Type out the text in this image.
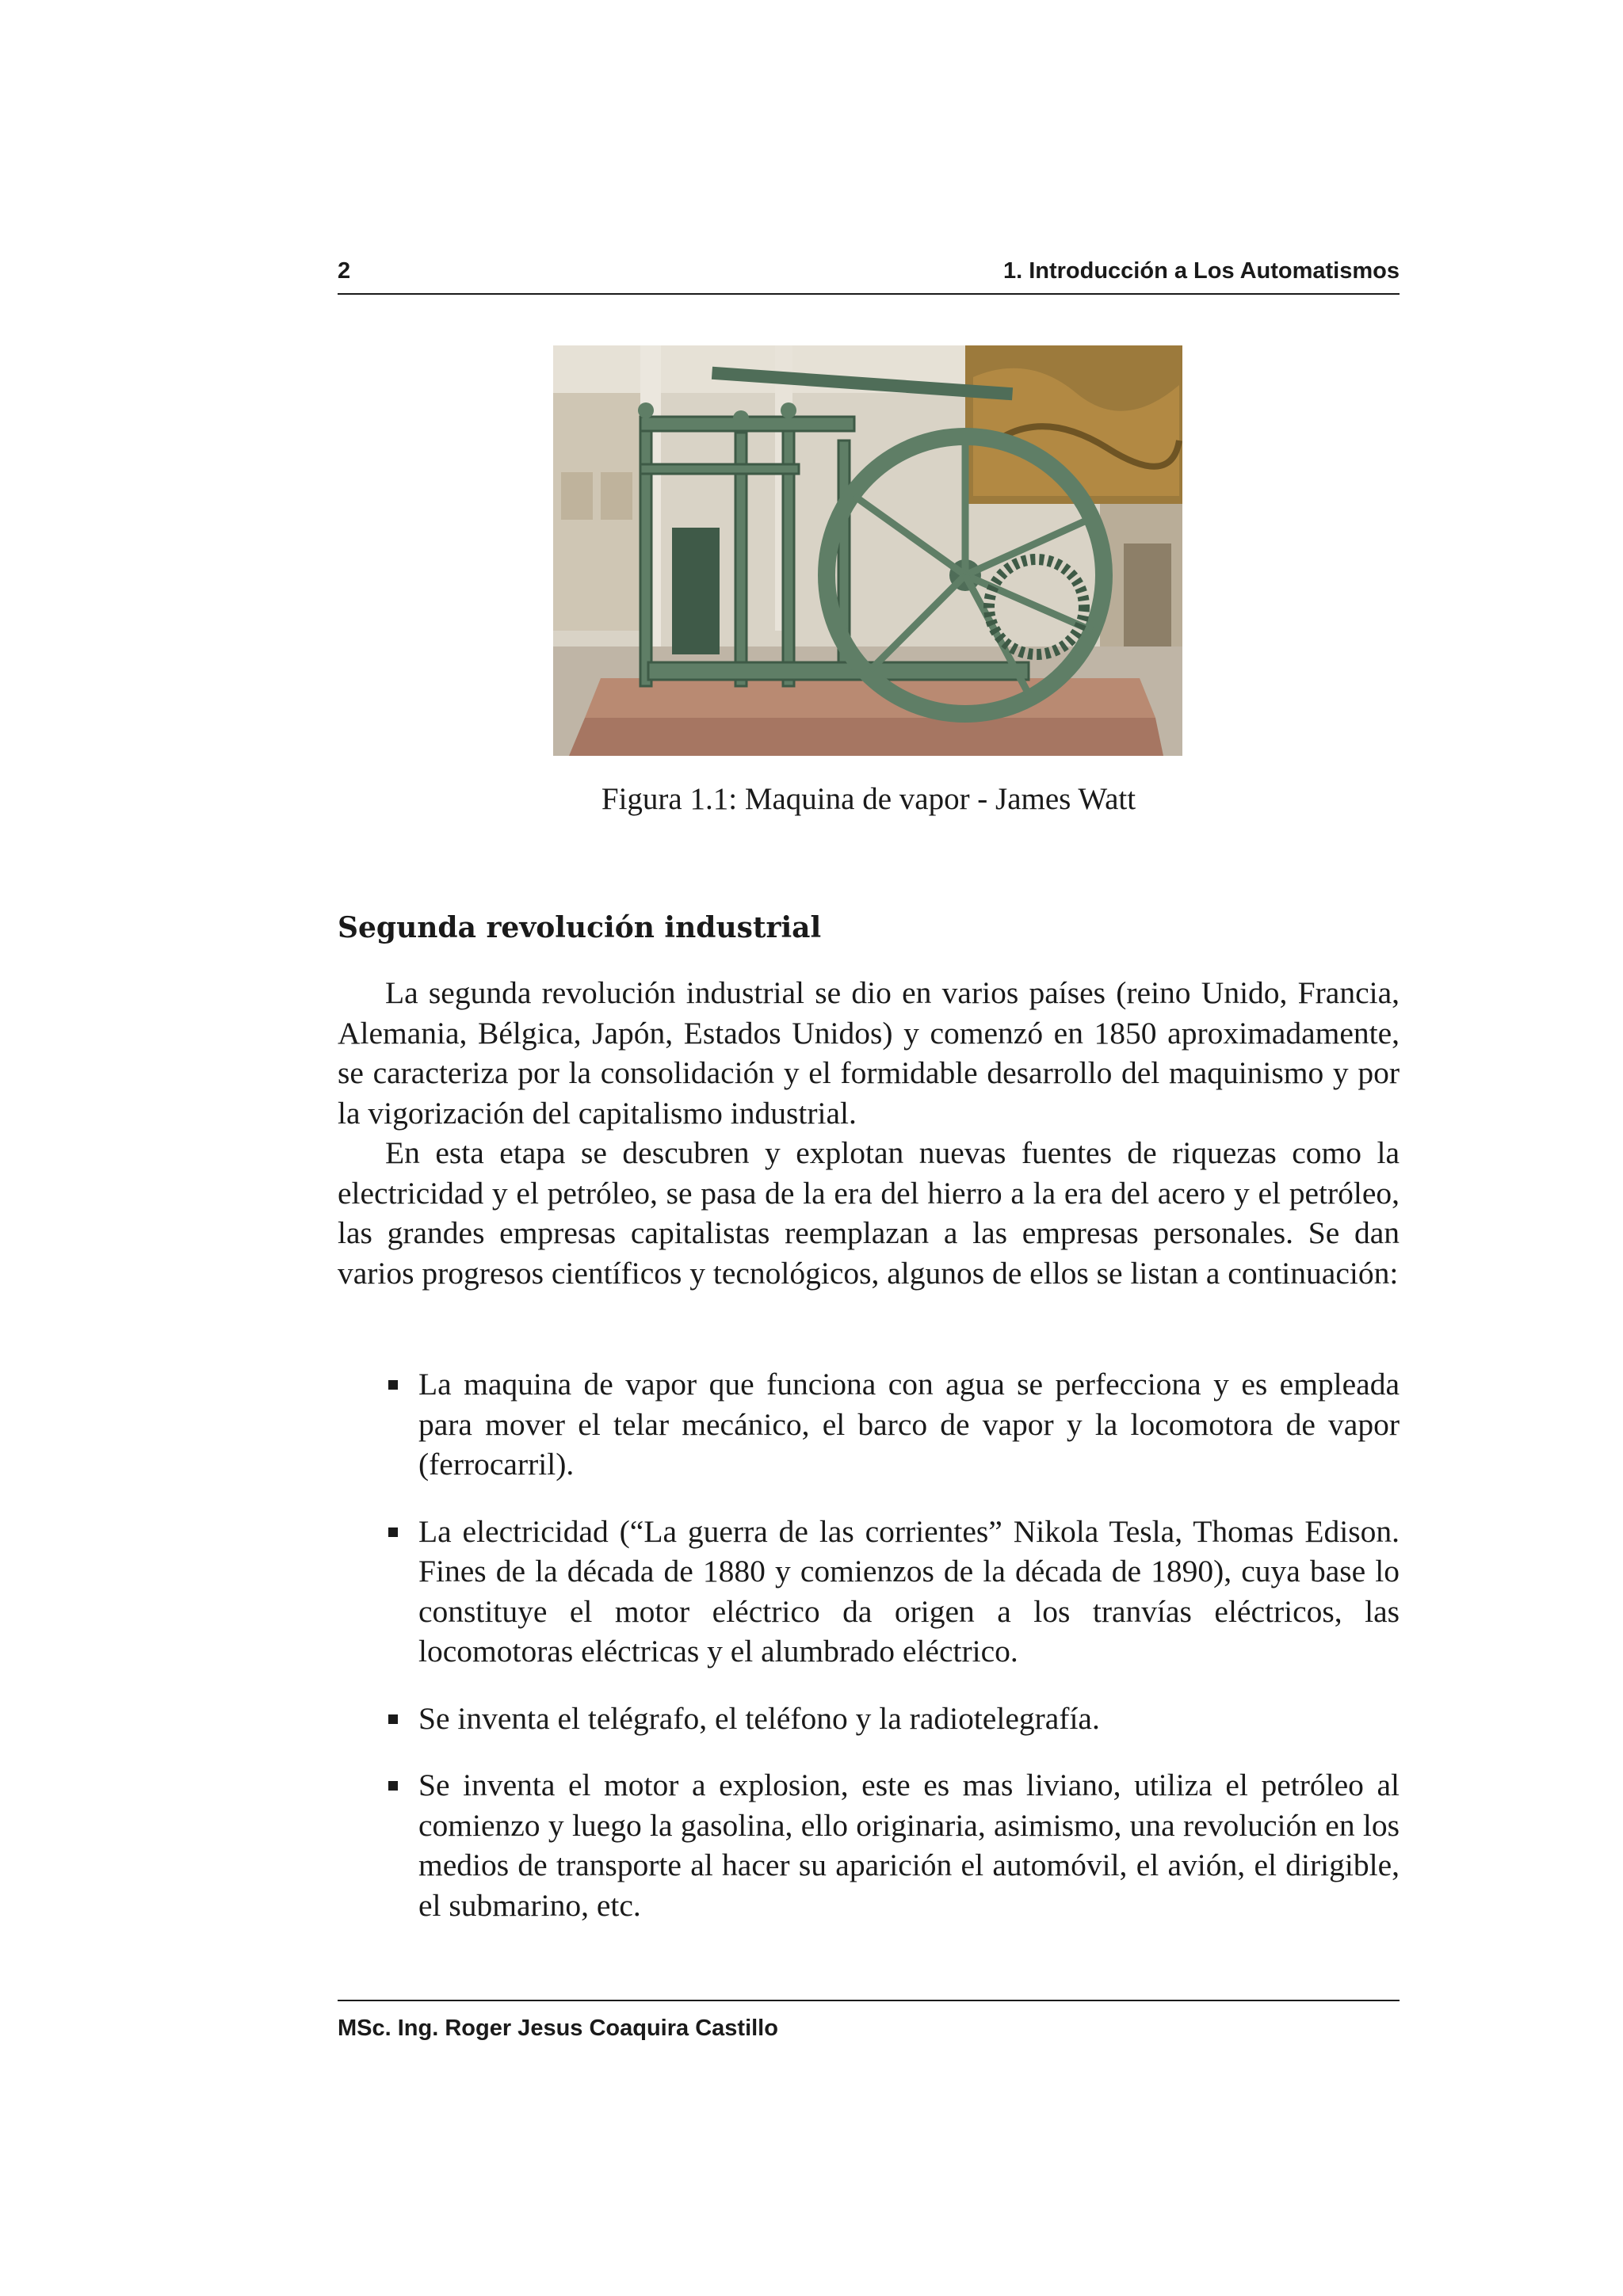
2	1. Introducción a Los Automatismos
Figura 1.1: Maquina de vapor - James Watt
Segunda revolución industrial

La segunda revolución industrial se dio en varios países (reino Unido, Francia, Alemania, Bélgica, Japón, Estados Unidos) y comenzó en 1850 aproximadamente, se caracteriza por la consolidación y el formidable desarrollo del maquinismo y por la vigorización del capitalismo industrial.

En esta etapa se descubren y explotan nuevas fuentes de riquezas como la electricidad y el petróleo, se pasa de la era del hierro a la era del acero y el petróleo, las grandes empresas capitalistas reemplazan a las empresas personales. Se dan varios progresos científicos y tecnológicos, algunos de ellos se listan a continuación:

La maquina de vapor que funciona con agua se perfecciona y es empleada para mover el telar mecánico, el barco de vapor y la locomotora de vapor (ferrocarril).
La electricidad (“La guerra de las corrientes” Nikola Tesla, Thomas Edison. Fines de la década de 1880 y comienzos de la década de 1890), cuya base lo constituye el motor eléctrico da origen a los tranvías eléctricos, las locomotoras eléctricas y el alumbrado eléctrico.
Se inventa el telégrafo, el teléfono y la radiotelegrafía.
Se inventa el motor a explosion, este es mas liviano, utiliza el petróleo al comienzo y luego la gasolina, ello originaria, asimismo, una revolución en los medios de transporte al hacer su aparición el automóvil, el avión, el dirigible, el submarino, etc.
MSc. Ing. Roger Jesus Coaquira Castillo
